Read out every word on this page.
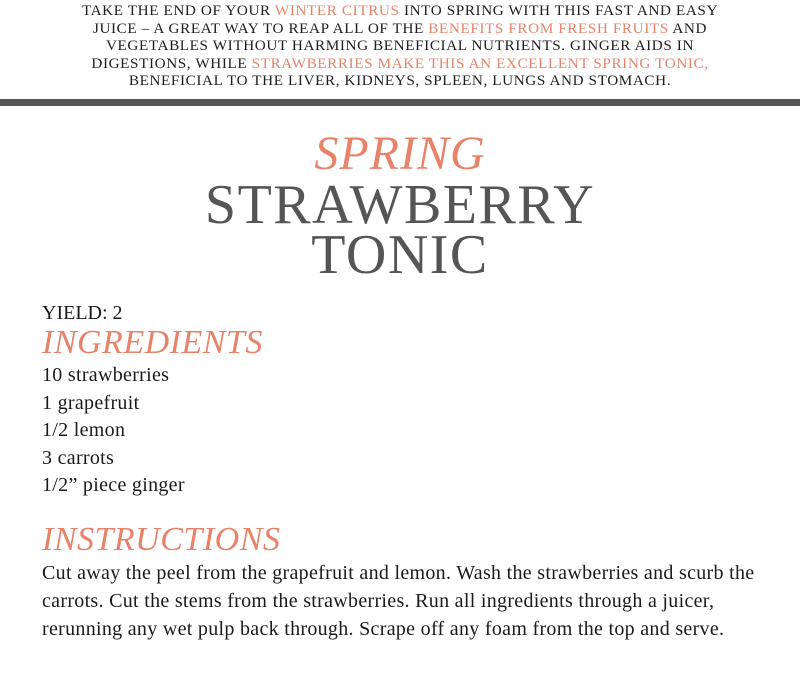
TAKE THE END OF YOUR WINTER CITRUS INTO SPRING WITH THIS FAST AND EASY
JUICE – A GREAT WAY TO REAP ALL OF THE BENEFITS FROM FRESH FRUITS AND
VEGETABLES WITHOUT HARMING BENEFICIAL NUTRIENTS. GINGER AIDS IN
DIGESTIONS, WHILE STRAWBERRIES MAKE THIS AN EXCELLENT SPRING TONIC,
BENEFICIAL TO THE LIVER, KIDNEYS, SPLEEN, LUNGS AND STOMACH.
SPRING
STRAWBERRY
TONIC
YIELD: 2
INGREDIENTS
10 strawberries
1 grapefruit
1/2 lemon
3 carrots
1/2” piece ginger
INSTRUCTIONS
Cut away the peel from the grapefruit and lemon. Wash the strawberries and scurb the carrots. Cut the stems from the strawberries. Run all ingredients through a juicer, rerunning any wet pulp back through. Scrape off any foam from the top and serve.
